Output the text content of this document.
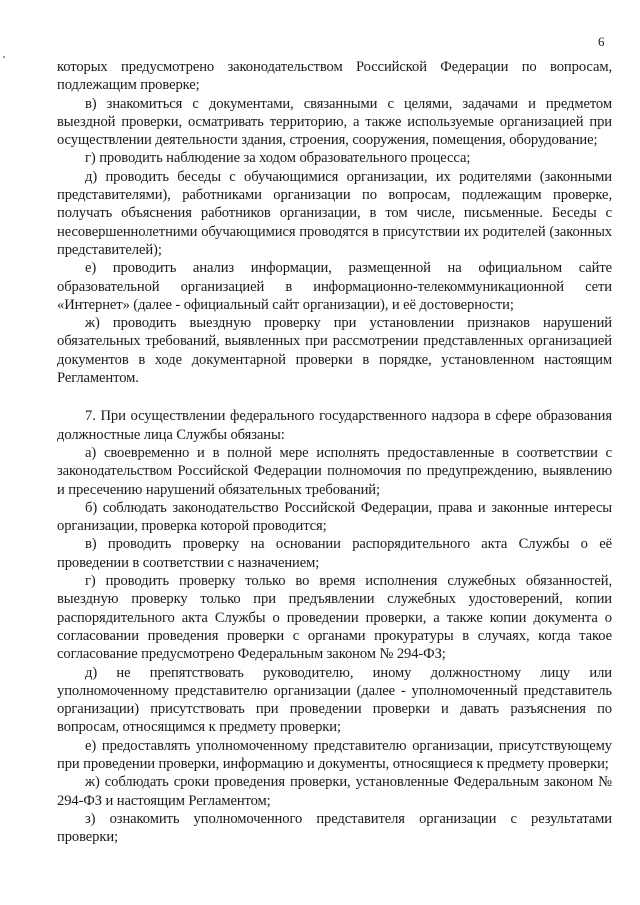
6

которых предусмотрено законодательством Российской Федерации по вопросам, подлежащим проверке;

в) знакомиться с документами, связанными с целями, задачами и предметом выездной проверки, осматривать территорию, а также используемые организацией при осуществлении деятельности здания, строения, сооружения, помещения, оборудование;

г) проводить наблюдение за ходом образовательного процесса;

д) проводить беседы с обучающимися организации, их родителями (законными представителями), работниками организации по вопросам, подлежащим проверке, получать объяснения работников организации, в том числе, письменные. Беседы с несовершеннолетними обучающимися проводятся в присутствии их родителей (законных представителей);

е) проводить анализ информации, размещенной на официальном сайте образовательной организацией в информационно-телекоммуникационной сети «Интернет» (далее - официальный сайт организации), и её достоверности;

ж) проводить выездную проверку при установлении признаков нарушений обязательных требований, выявленных при рассмотрении представленных организацией документов в ходе документарной проверки в порядке, установленном настоящим Регламентом.

7. При осуществлении федерального государственного надзора в сфере образования должностные лица Службы обязаны:

а) своевременно и в полной мере исполнять предоставленные в соответствии с законодательством Российской Федерации полномочия по предупреждению, выявлению и пресечению нарушений обязательных требований;

б) соблюдать законодательство Российской Федерации, права и законные интересы организации, проверка которой проводится;

в) проводить проверку на основании распорядительного акта Службы о её проведении в соответствии с назначением;

г) проводить проверку только во время исполнения служебных обязанностей, выездную проверку только при предъявлении служебных удостоверений, копии распорядительного акта Службы о проведении проверки, а также копии документа о согласовании проведения проверки с органами прокуратуры в случаях, когда такое согласование предусмотрено Федеральным законом № 294-ФЗ;

д) не препятствовать руководителю, иному должностному лицу или уполномоченному представителю организации (далее - уполномоченный представитель организации) присутствовать при проведении проверки и давать разъяснения по вопросам, относящимся к предмету проверки;

е) предоставлять уполномоченному представителю организации, присутствующему при проведении проверки, информацию и документы, относящиеся к предмету проверки;

ж) соблюдать сроки проведения проверки, установленные Федеральным законом № 294-ФЗ и настоящим Регламентом;

з) ознакомить уполномоченного представителя организации с результатами проверки;
